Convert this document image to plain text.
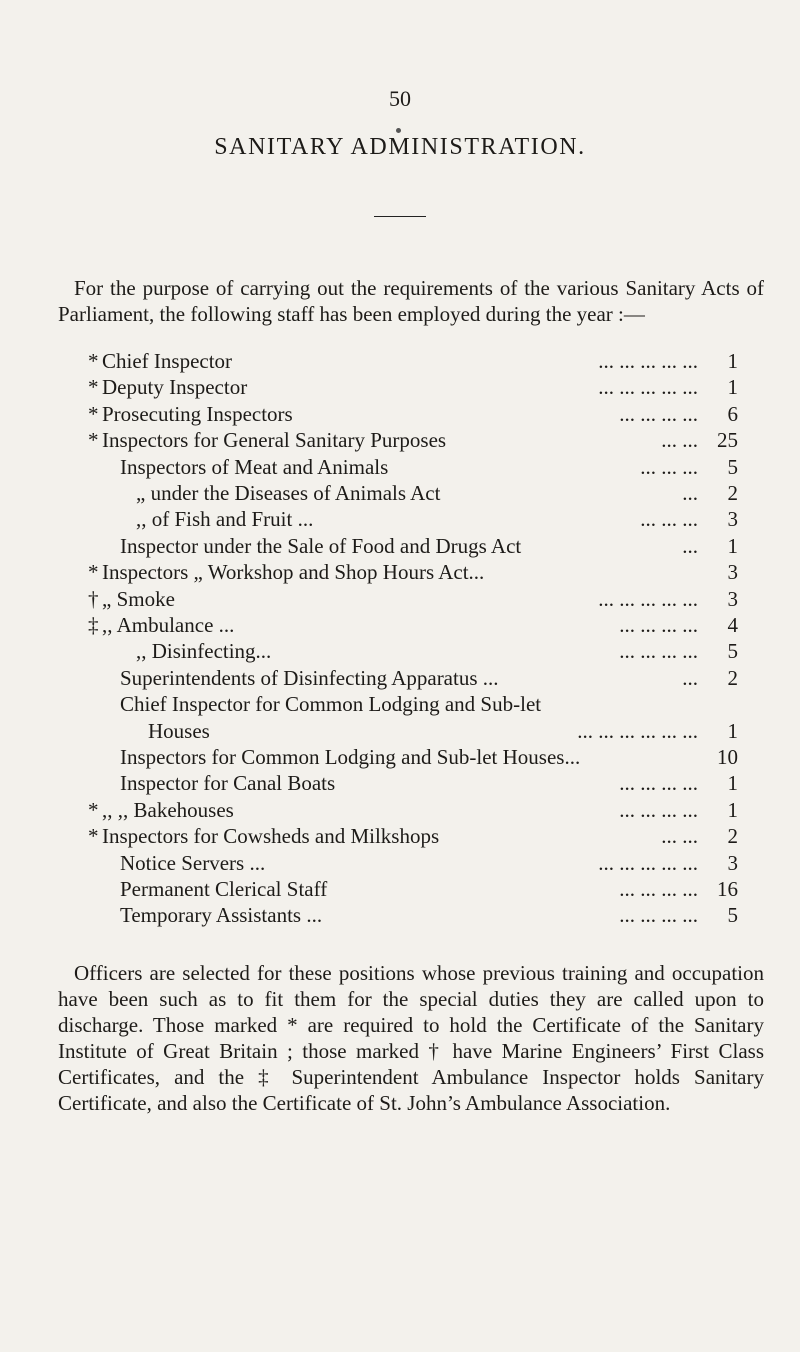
50
SANITARY ADMINISTRATION.

For the purpose of carrying out the requirements of the various Sanitary Acts of Parliament, the following staff has been employed during the year :—

* Chief Inspector	... ... ... ... ...	1
* Deputy Inspector	... ... ... ... ...	1
* Prosecuting Inspectors	... ... ... ...	6
* Inspectors for General Sanitary Purposes	... ... 25
Inspectors of Meat and Animals	... ... ...	5
„ under the Diseases of Animals Act	...	2
,, of Fish and Fruit ...	... ... ...	3
Inspector under the Sale of Food and Drugs Act	...	1
* Inspectors „ Workshop and Shop Hours Act...	3
† „ Smoke	... ... ... ... ...	3
‡ ,, Ambulance ...	... ... ... ...	4
,, Disinfecting...	... ... ... ...	5
Superintendents of Disinfecting Apparatus ...	...	2
Chief Inspector for Common Lodging and Sub-let
Houses	... ... ... ... ... ...	1
Inspectors for Common Lodging and Sub-let Houses...	10
Inspector for Canal Boats	... ... ... ...	1
* ,, ,, Bakehouses	... ... ... ...	1
* Inspectors for Cowsheds and Milkshops	... ...	2
Notice Servers ...	... ... ... ... ...	3
Permanent Clerical Staff	... ... ... ... 16
Temporary Assistants ...	... ... ... ...	5

Officers are selected for these positions whose previous training and occupation have been such as to fit them for the special duties they are called upon to discharge. Those marked * are required to hold the Certificate of the Sanitary Institute of Great Britain ; those marked † have Marine Engineers’ First Class Certificates, and the ‡ Superintendent Ambulance Inspector holds Sanitary Certificate, and also the Certificate of St. John’s Ambulance Association.
